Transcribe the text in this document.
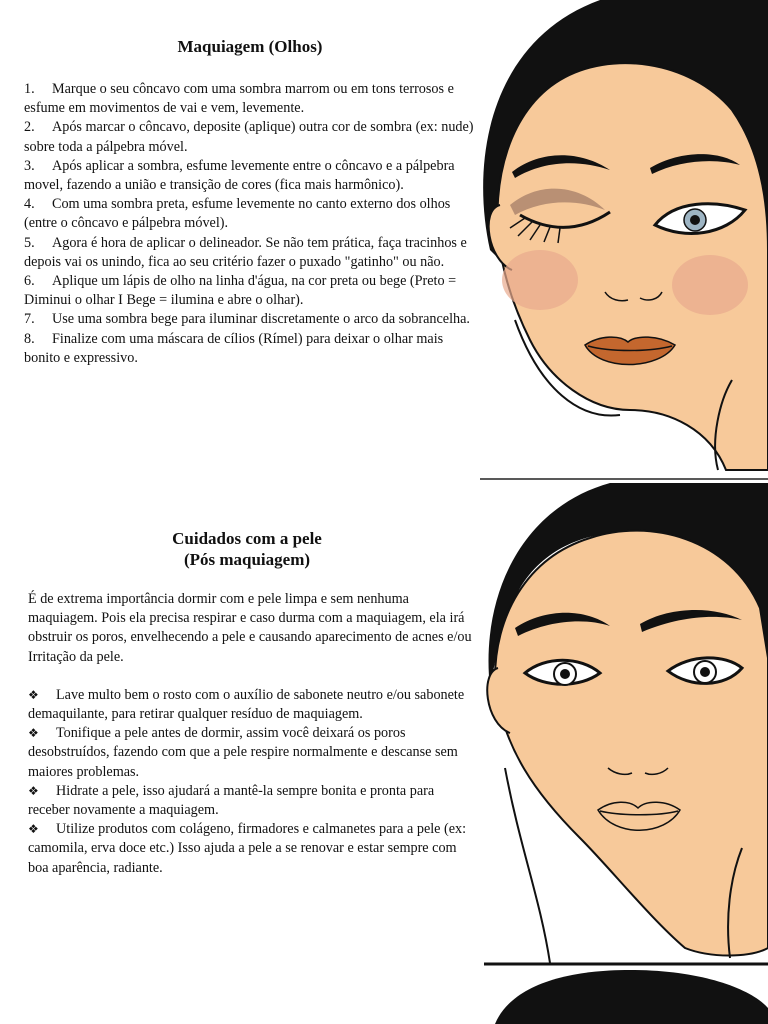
Maquiagem (Olhos)
1. Marque o seu côncavo com uma sombra marrom ou em tons terrosos e esfume em movimentos de vai e vem, levemente.
2. Após marcar o côncavo, deposite (aplique) outra cor de sombra (ex: nude) sobre toda a pálpebra móvel.
3. Após aplicar a sombra, esfume levemente entre o côncavo e a pálpebra movel, fazendo a união e transição de cores (fica mais harmônico).
4. Com uma sombra preta, esfume levemente no canto externo dos olhos (entre o côncavo e pálpebra móvel).
5. Agora é hora de aplicar o delineador. Se não tem prática, faça tracinhos e depois vai os unindo, fica ao seu critério fazer o puxado "gatinho" ou não.
6. Aplique um lápis de olho na linha d'água, na cor preta ou bege (Preto = Diminui o olhar I Bege = ilumina e abre o olhar).
7. Use uma sombra bege para iluminar discretamente o arco da sobrancelha.
8. Finalize com uma máscara de cílios (Rímel) para deixar o olhar mais bonito e expressivo.
Cuidados com a pele
(Pós maquiagem)

É de extrema importância dormir com e pele limpa e sem nenhuma maquiagem. Pois ela precisa respirar e caso durma com a maquiagem, ela irá obstruir os poros, envelhecendo a pele e causando aparecimento de acnes e/ou Irritação da pele.

❖ Lave multo bem o rosto com o auxílio de sabonete neutro e/ou sabonete demaquilante, para retirar qualquer resíduo de maquiagem.
❖ Tonifique a pele antes de dormir, assim você deixará os poros desobstruídos, fazendo com que a pele respire normalmente e descanse sem maiores problemas.
❖ Hidrate a pele, isso ajudará a mantê-la sempre bonita e pronta para receber novamente a maquiagem.
❖ Utilize produtos com colágeno, firmadores e calmanetes para a pele (ex: camomila, erva doce etc.) Isso ajuda a pele a se renovar e estar sempre com boa aparência, radiante.
